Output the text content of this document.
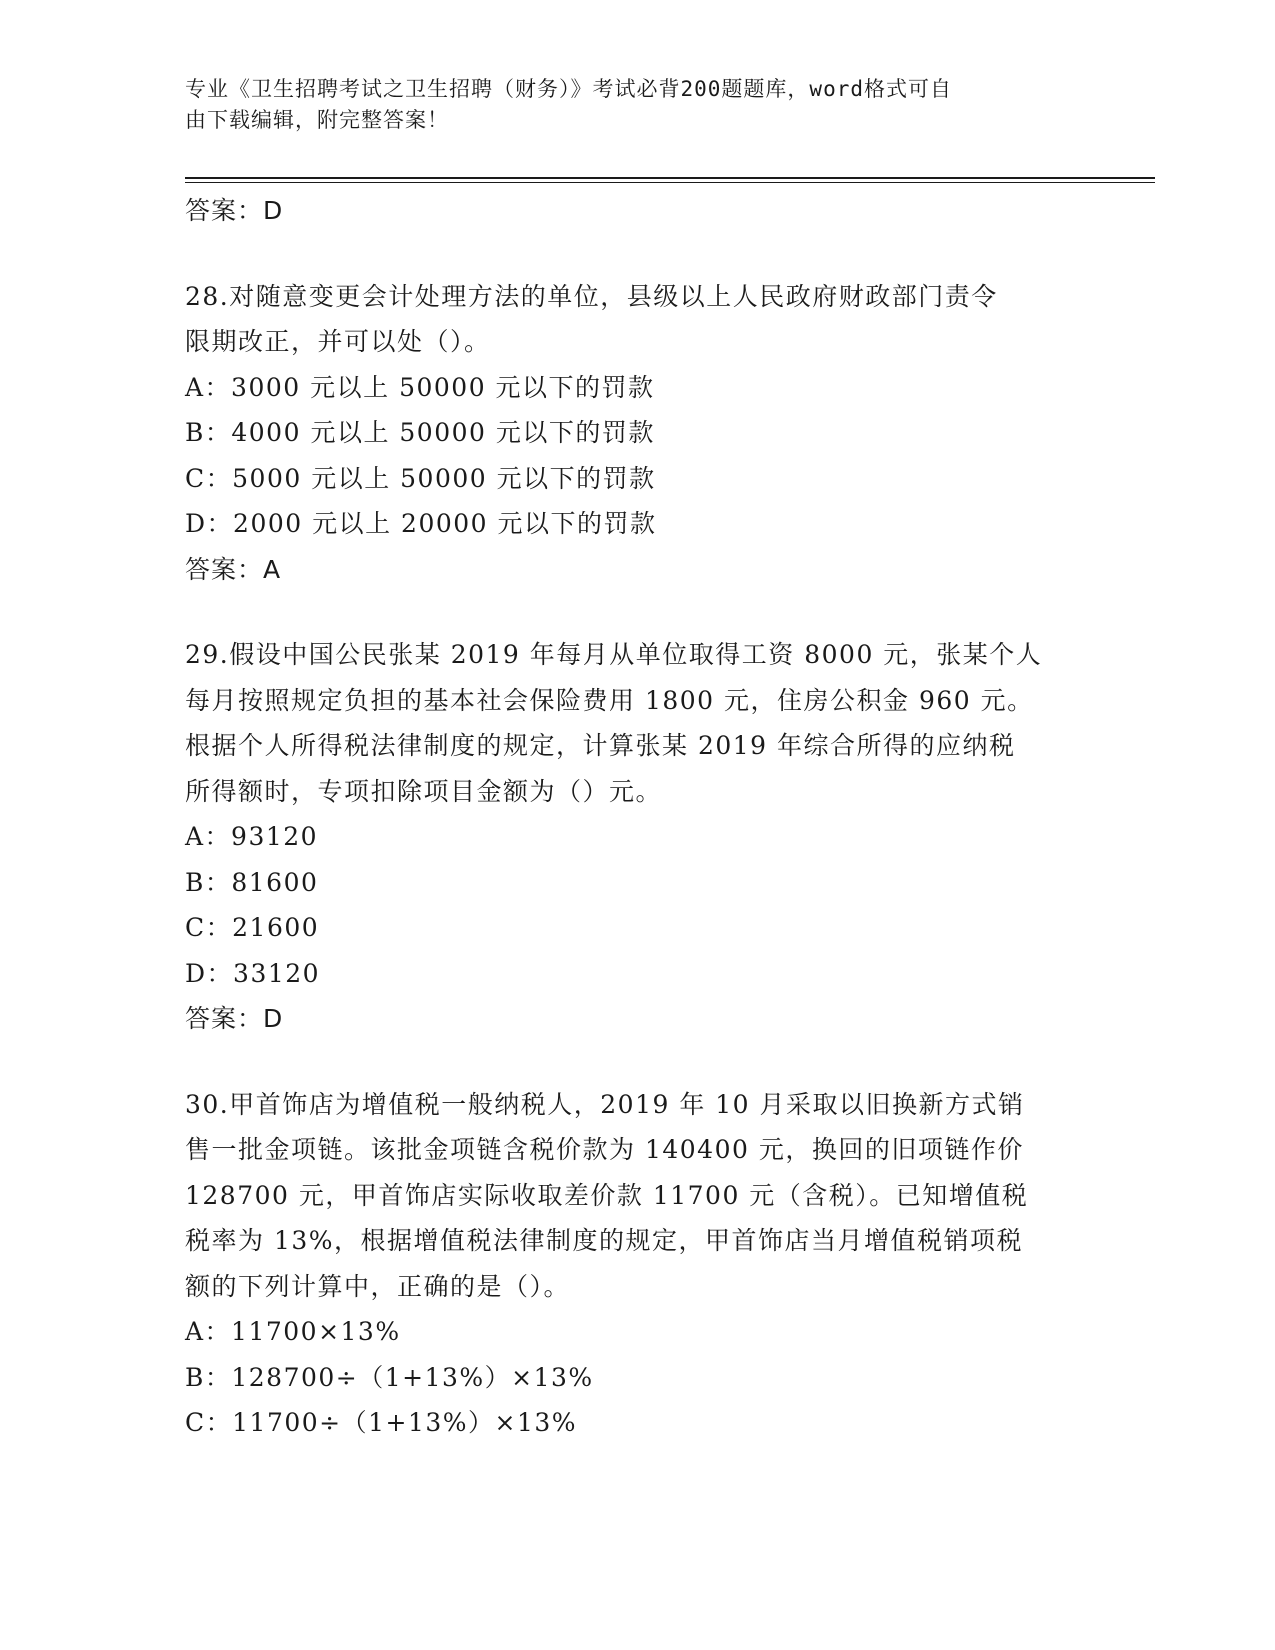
专业《卫生招聘考试之卫生招聘（财务）》考试必背200题题库，word格式可自
由下载编辑，附完整答案！
答案：D
28.对随意变更会计处理方法的单位，县级以上人民政府财政部门责令
限期改正，并可以处（）。
A：3000 元以上 50000 元以下的罚款
B：4000 元以上 50000 元以下的罚款
C：5000 元以上 50000 元以下的罚款
D：2000 元以上 20000 元以下的罚款
答案：A
29.假设中国公民张某 2019 年每月从单位取得工资 8000 元，张某个人
每月按照规定负担的基本社会保险费用 1800 元，住房公积金 960 元。
根据个人所得税法律制度的规定，计算张某 2019 年综合所得的应纳税
所得额时，专项扣除项目金额为（）元。
A：93120
B：81600
C：21600
D：33120
答案：D
30.甲首饰店为增值税一般纳税人，2019 年 10 月采取以旧换新方式销
售一批金项链。该批金项链含税价款为 140400 元，换回的旧项链作价
128700 元，甲首饰店实际收取差价款 11700 元（含税）。已知增值税
税率为 13%，根据增值税法律制度的规定，甲首饰店当月增值税销项税
额的下列计算中，正确的是（）。
A：11700×13%
B：128700÷（1+13%）×13%
C：11700÷（1+13%）×13%
